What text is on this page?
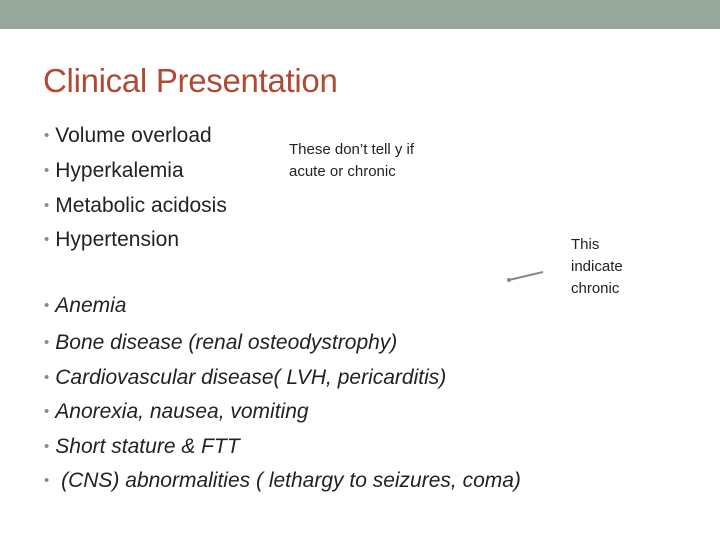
Clinical Presentation
• Volume overload
• Hyperkalemia
• Metabolic acidosis
• Hypertension
• Anemia
• Bone disease (renal osteodystrophy)
• Cardiovascular disease( LVH, pericarditis)
• Anorexia, nausea, vomiting
• Short stature & FTT
• (CNS) abnormalities ( lethargy to seizures, coma)
These don’t tell y if
acute or chronic
This
indicate
chronic
